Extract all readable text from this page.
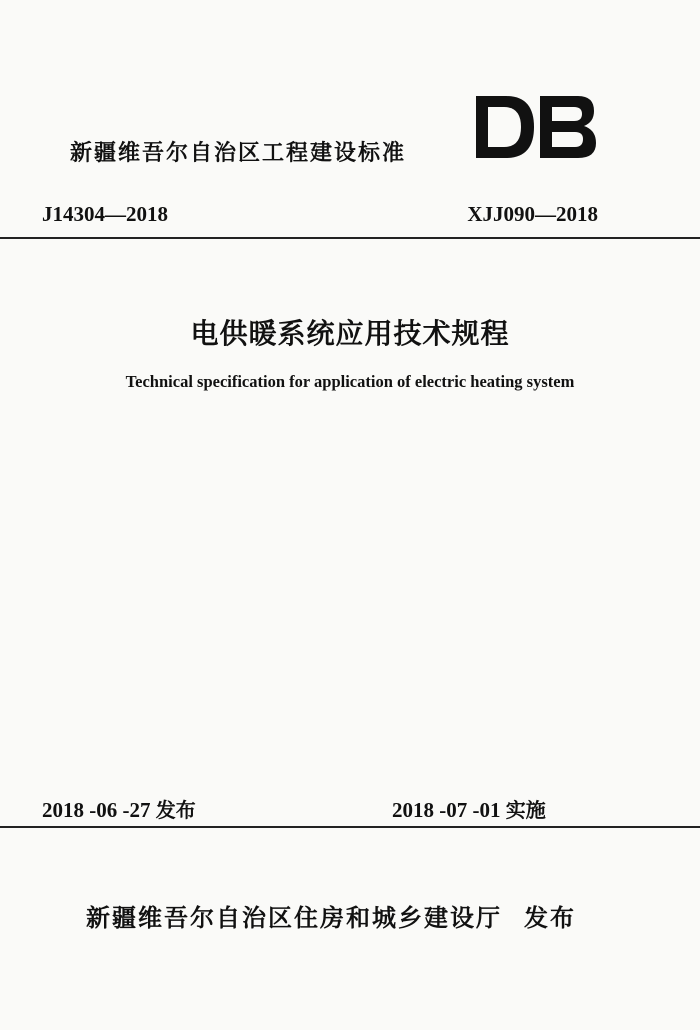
新疆维吾尔自治区工程建设标准
J14304—2018	XJJ090—2018
电供暖系统应用技术规程
Technical specification for application of electric heating system
2018 -06 -27 发布	2018 -07 -01 实施
新疆维吾尔自治区住房和城乡建设厅 发布
